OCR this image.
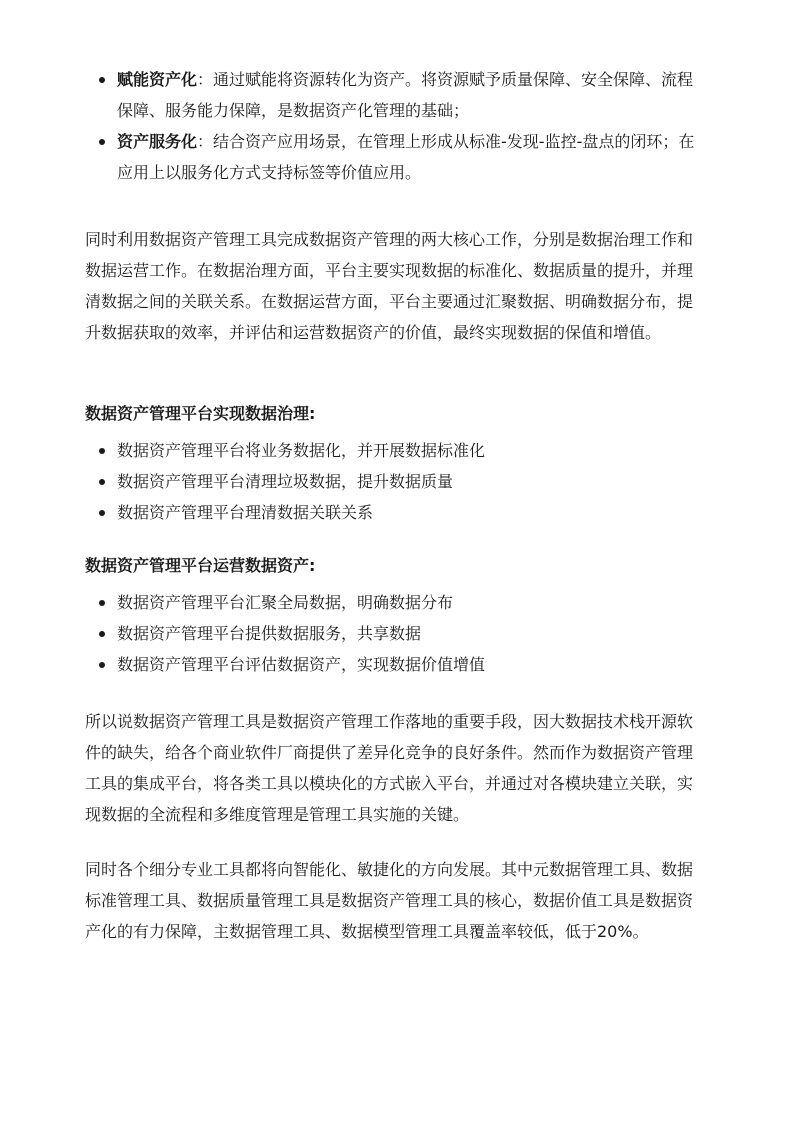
赋能资产化：通过赋能将资源转化为资产。将资源赋予质量保障、安全保障、流程保障、服务能力保障，是数据资产化管理的基础；
资产服务化：结合资产应用场景，在管理上形成从标准-发现-监控-盘点的闭环；在应用上以服务化方式支持标签等价值应用。

同时利用数据资产管理工具完成数据资产管理的两大核心工作，分别是数据治理工作和数据运营工作。在数据治理方面，平台主要实现数据的标准化、数据质量的提升，并理清数据之间的关联关系。在数据运营方面，平台主要通过汇聚数据、明确数据分布，提升数据获取的效率，并评估和运营数据资产的价值，最终实现数据的保值和增值。

数据资产管理平台实现数据治理:

数据资产管理平台将业务数据化，并开展数据标准化
数据资产管理平台清理垃圾数据，提升数据质量
数据资产管理平台理清数据关联关系

数据资产管理平台运营数据资产:

数据资产管理平台汇聚全局数据，明确数据分布
数据资产管理平台提供数据服务，共享数据
数据资产管理平台评估数据资产，实现数据价值增值

所以说数据资产管理工具是数据资产管理工作落地的重要手段，因大数据技术栈开源软件的缺失，给各个商业软件厂商提供了差异化竞争的良好条件。然而作为数据资产管理工具的集成平台，将各类工具以模块化的方式嵌入平台，并通过对各模块建立关联，实现数据的全流程和多维度管理是管理工具实施的关键。

同时各个细分专业工具都将向智能化、敏捷化的方向发展。其中元数据管理工具、数据标准管理工具、数据质量管理工具是数据资产管理工具的核心，数据价值工具是数据资产化的有力保障，主数据管理工具、数据模型管理工具覆盖率较低，低于20%。
